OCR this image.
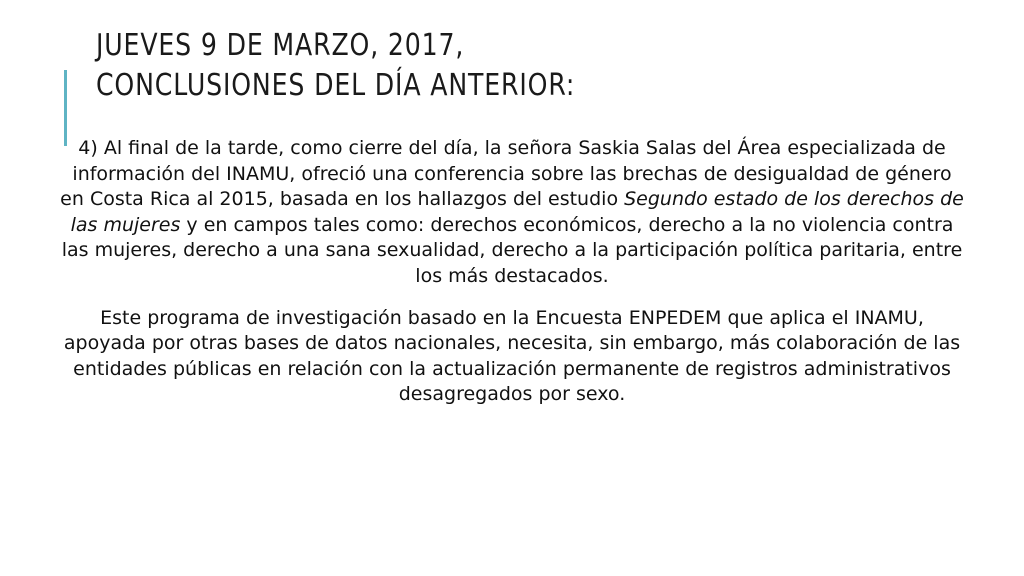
JUEVES 9 DE MARZO, 2017,
CONCLUSIONES DEL DÍA ANTERIOR:

4) Al final de la tarde, como cierre del día, la señora Saskia Salas del Área especializada de información del INAMU, ofreció una conferencia sobre las brechas de desigualdad de género en Costa Rica al 2015, basada en los hallazgos del estudio Segundo estado de los derechos de las mujeres y en campos tales como: derechos económicos, derecho a la no violencia contra las mujeres, derecho a una sana sexualidad, derecho a la participación política paritaria, entre los más destacados.

Este programa de investigación basado en la Encuesta ENPEDEM que aplica el INAMU, apoyada por otras bases de datos nacionales, necesita, sin embargo, más colaboración de las entidades públicas en relación con la actualización permanente de registros administrativos desagregados por sexo.
